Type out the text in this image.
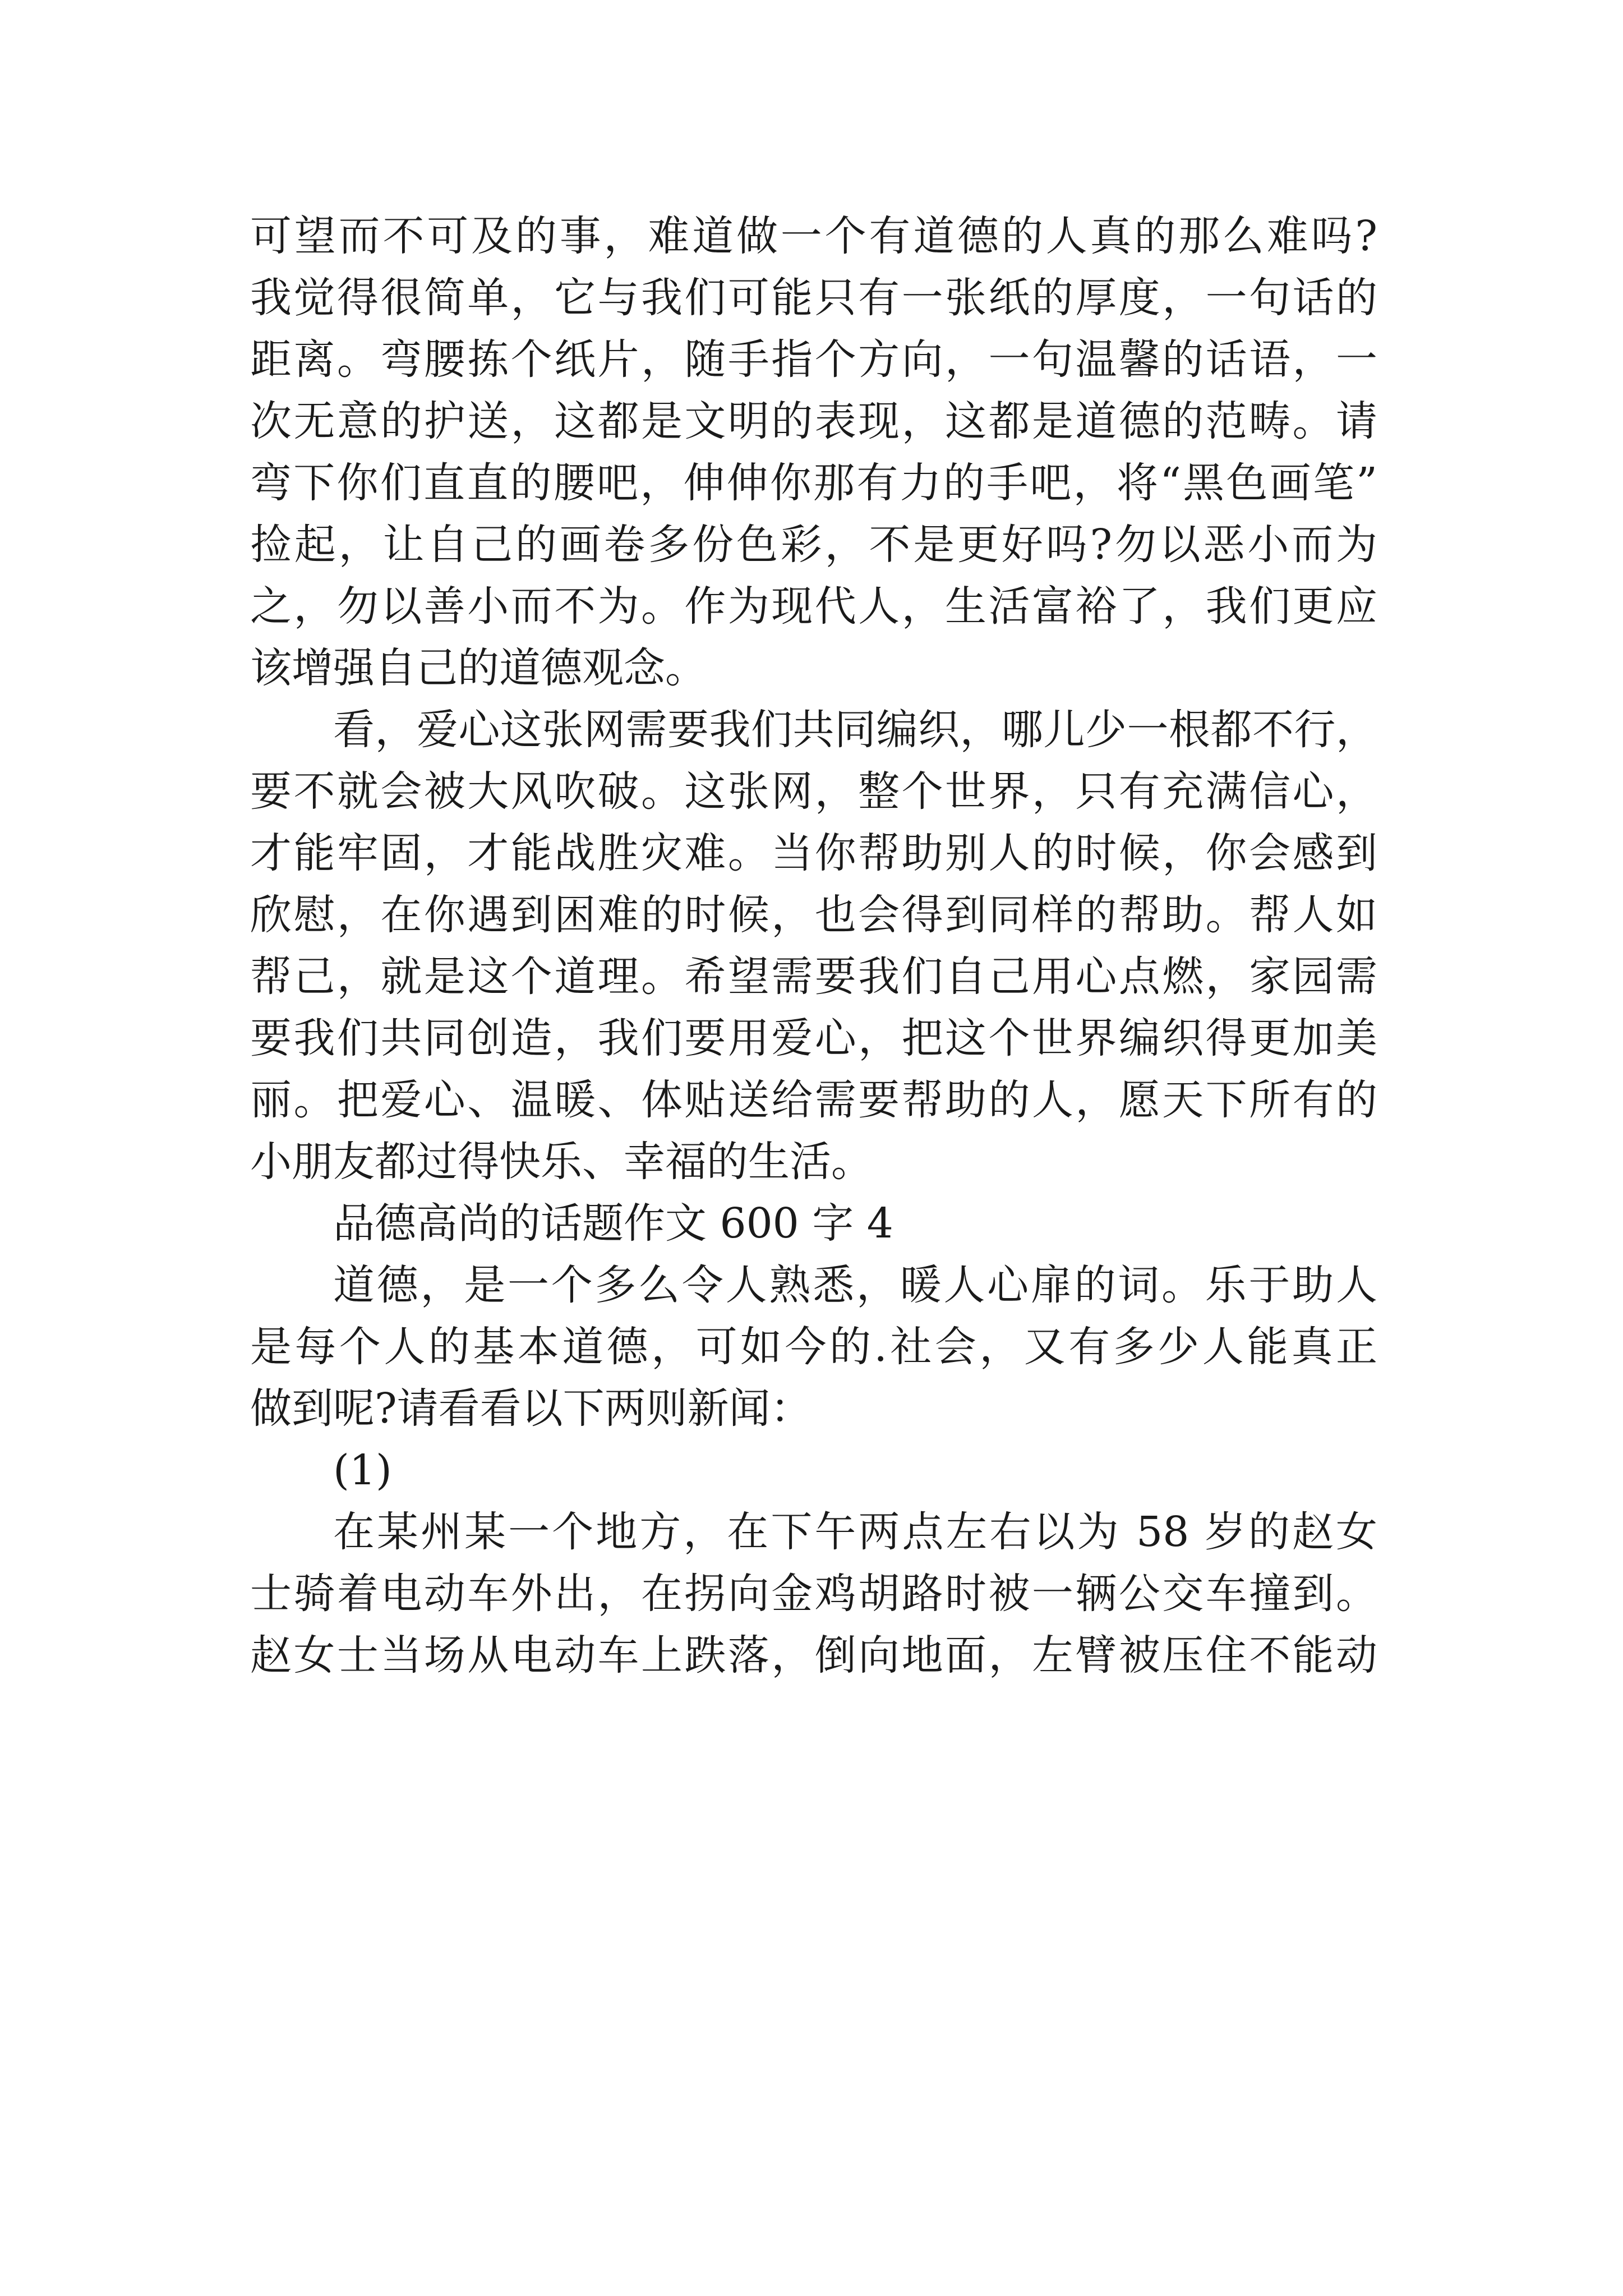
可望而不可及的事，难道做一个有道德的人真的那么难吗?
我觉得很简单，它与我们可能只有一张纸的厚度，一句话的
距离。弯腰拣个纸片，随手指个方向，一句温馨的话语，一
次无意的护送，这都是文明的表现，这都是道德的范畴。请
弯下你们直直的腰吧，伸伸你那有力的手吧，将“黑色画笔”
捡起，让自己的画卷多份色彩，不是更好吗?勿以恶小而为
之，勿以善小而不为。作为现代人，生活富裕了，我们更应
该增强自己的道德观念。
看，爱心这张网需要我们共同编织，哪儿少一根都不行，
要不就会被大风吹破。这张网，整个世界，只有充满信心，
才能牢固，才能战胜灾难。当你帮助别人的时候，你会感到
欣慰，在你遇到困难的时候，也会得到同样的帮助。帮人如
帮己，就是这个道理。希望需要我们自己用心点燃，家园需
要我们共同创造，我们要用爱心，把这个世界编织得更加美
丽。把爱心、温暖、体贴送给需要帮助的人，愿天下所有的
小朋友都过得快乐、幸福的生活。
品德高尚的话题作文 600 字 4
道德，是一个多么令人熟悉，暖人心扉的词。乐于助人
是每个人的基本道德，可如今的.社会，又有多少人能真正
做到呢?请看看以下两则新闻：
(1)
在某州某一个地方，在下午两点左右以为 58 岁的赵女
士骑着电动车外出，在拐向金鸡胡路时被一辆公交车撞到。
赵女士当场从电动车上跌落，倒向地面，左臂被压住不能动
